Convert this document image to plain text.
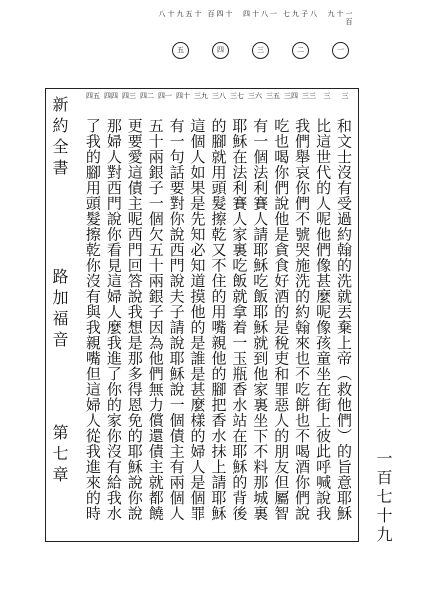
一
一百
十
九
二
八
子
九
七
三
一
八
十
四
四
十
四
百
五
十
五
九
十
八
新約全書
路加福音
第七章
三
三
三三
三四
三五
三六
三七
三八
三九
四十
四一
四二
四三
四四
四五
和文士沒有受過約翰的洗就丟棄上帝（救他們）的旨意耶穌
比這世代的人呢他們像甚麼呢像孩童坐在街上彼此呼喊說我
我們舉哀你們不號哭施洗的約翰來也不吃餅也不喝酒你們說
吃也喝你們說他是貪食好酒的是稅吏和罪惡人的朋友但屬智
有一個法利賽人請耶穌吃飯耶穌就到他家裏坐下不料那城裏
耶穌在法利賽人家裏吃飯就拿着一玉瓶香水站在耶穌的背後
的腳就用頭髮擦乾又不住的用嘴親他的腳把香水抹上請耶穌
這個人如果是先知必知道摸他的是誰是甚麼樣的婦人是個罪
有一句話要對你說西門說夫子請說耶穌說一個債主有兩個人
五十兩銀子一個欠五十兩銀子因為他們無力償還債主就都饒
更要愛這債主呢西門回答說我想是那多得恩免的耶穌說你說
那婦人對西門說你看見這婦人麼我進了你的家你沒有給我水
了我的腳用頭髮擦乾你沒有與我親嘴但這婦人從我進來的時	一百七十九
